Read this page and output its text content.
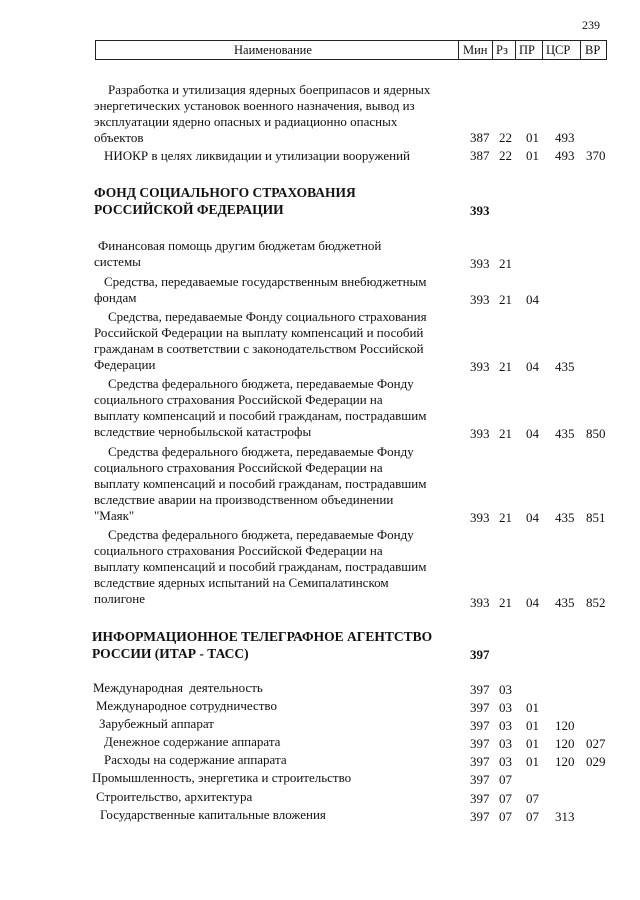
239
Наименование	Мин Рз ПР ЦСР ВР
Разработка и утилизация ядерных боеприпасов и ядерных
энергетических установок военного назначения, вывод из
эксплуатации ядерно опасных и радиационно опасных
объектов	387 22 01 493
НИОКР в целях ликвидации и утилизации вооружений	387 22 01 493 370
ФОНД СОЦИАЛЬНОГО СТРАХОВАНИЯ
РОССИЙСКОЙ ФЕДЕРАЦИИ	393
Финансовая помощь другим бюджетам бюджетной
системы	393 21
Средства, передаваемые государственным внебюджетным
фондам	393 21 04
Средства, передаваемые Фонду социального страхования
Российской Федерации на выплату компенсаций и пособий
гражданам в соответствии с законодательством Российской
Федерации	393 21 04 435
Средства федерального бюджета, передаваемые Фонду
социального страхования Российской Федерации на
выплату компенсаций и пособий гражданам, пострадавшим
вследствие чернобыльской катастрофы	393 21 04 435 850
Средства федерального бюджета, передаваемые Фонду
социального страхования Российской Федерации на
выплату компенсаций и пособий гражданам, пострадавшим
вследствие аварии на производственном объединении
"Маяк"	393 21 04 435 851
Средства федерального бюджета, передаваемые Фонду
социального страхования Российской Федерации на
выплату компенсаций и пособий гражданам, пострадавшим
вследствие ядерных испытаний на Семипалатинском
полигоне	393 21 04 435 852
ИНФОРМАЦИОННОЕ ТЕЛЕГРАФНОЕ АГЕНТСТВО
РОССИИ (ИТАР - ТАСС)	397
Международная  деятельность	397 03
Международное сотрудничество	397 03 01
Зарубежный аппарат	397 03 01 120
Денежное содержание аппарата	397 03 01 120 027
Расходы на содержание аппарата	397 03 01 120 029
Промышленность, энергетика и строительство	397 07
Строительство, архитектура	397 07 07
Государственные капитальные вложения	397 07 07 313
